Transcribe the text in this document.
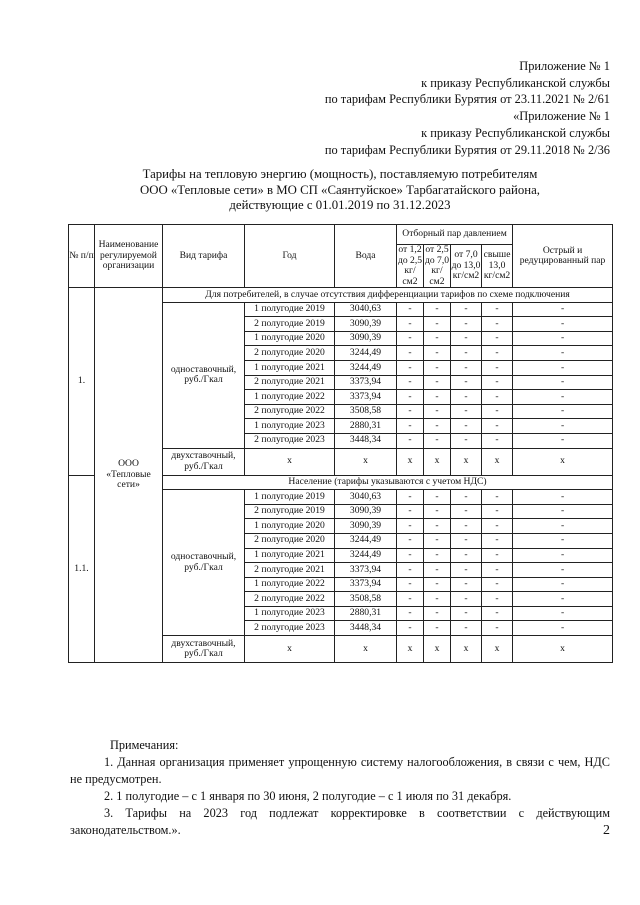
Приложение № 1
к приказу Республиканской службы
по тарифам Республики Бурятия от 23.11.2021 № 2/61
«Приложение № 1
к приказу Республиканской службы
по тарифам Республики Бурятия от 29.11.2018 № 2/36
Тарифы на тепловую энергию (мощность), поставляемую потребителям
ООО «Тепловые сети» в МО СП «Саянтуйское» Тарбагатайского района,
действующие с 01.01.2019 по 31.12.2023
№ п/п	Наименование регулируемой организации	Вид тарифа	Год	Вода	Отборный пар давлением				Острый и редуцированный пар
					от 1,2 до 2,5 кг/см2	от 2,5 до 7,0 кг/см2	от 7,0 до 13,0 кг/см2	свыше 13,0 кг/см2	
1.	ООО «Тепловые сети»	Для потребителей, в случае отсутствия дифференциации тарифов по схеме подключения							
		одноставочный, руб./Гкал	1 полугодие 2019	3040,63	-	-	-	-	-
			2 полугодие 2019	3090,39	-	-	-	-	-
			1 полугодие 2020	3090,39	-	-	-	-	-
			2 полугодие 2020	3244,49	-	-	-	-	-
			1 полугодие 2021	3244,49	-	-	-	-	-
			2 полугодие 2021	3373,94	-	-	-	-	-
			1 полугодие 2022	3373,94	-	-	-	-	-
			2 полугодие 2022	3508,58	-	-	-	-	-
			1 полугодие 2023	2880,31	-	-	-	-	-
			2 полугодие 2023	3448,34	-	-	-	-	-
		двухставочный, руб./Гкал	x	x	x	x	x	x	x
1.1.		Население (тарифы указываются с учетом НДС)							
		одноставочный, руб./Гкал	1 полугодие 2019	3040,63	-	-	-	-	-
			2 полугодие 2019	3090,39	-	-	-	-	-
			1 полугодие 2020	3090,39	-	-	-	-	-
			2 полугодие 2020	3244,49	-	-	-	-	-
			1 полугодие 2021	3244,49	-	-	-	-	-
			2 полугодие 2021	3373,94	-	-	-	-	-
			1 полугодие 2022	3373,94	-	-	-	-	-
			2 полугодие 2022	3508,58	-	-	-	-	-
			1 полугодие 2023	2880,31	-	-	-	-	-
			2 полугодие 2023	3448,34	-	-	-	-	-
		двухставочный, руб./Гкал	x	x	x	x	x	x	x

Примечания:

1. Данная организация применяет упрощенную систему налогообложения, в связи с чем, НДС не предусмотрен.

2. 1 полугодие – с 1 января по 30 июня, 2 полугодие – с 1 июля по 31 декабря.

3. Тарифы на 2023 год подлежат корректировке в соответствии с действующим законодательством.».	2
